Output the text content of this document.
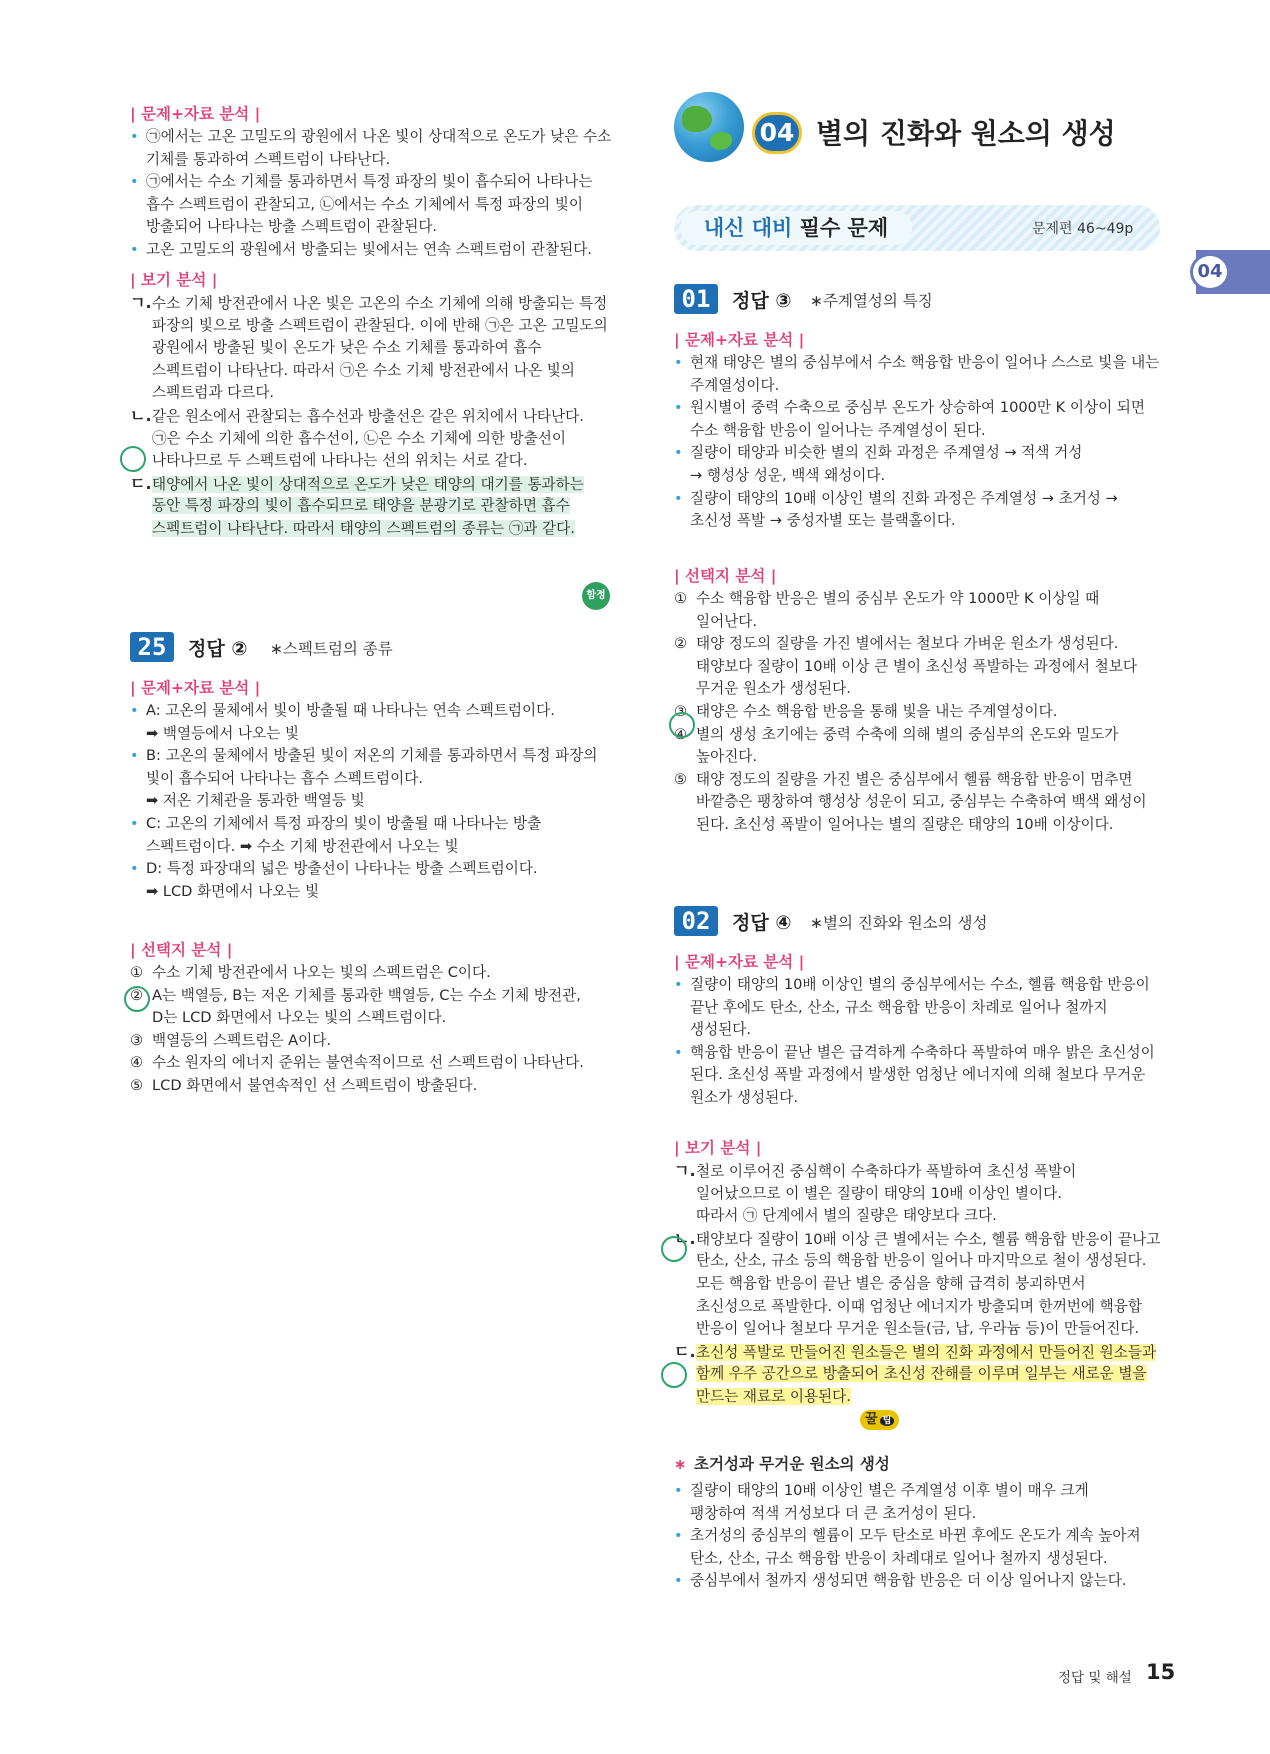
| 문제+자료 분석 |
• ㉠에서는 고온 고밀도의 광원에서 나온 빛이 상대적으로 온도가 낮은 수소
기체를 통과하여 스펙트럼이 나타난다.
• ㉠에서는 수소 기체를 통과하면서 특정 파장의 빛이 흡수되어 나타나는
흡수 스펙트럼이 관찰되고, ㉡에서는 수소 기체에서 특정 파장의 빛이
방출되어 나타나는 방출 스펙트럼이 관찰된다.
• 고온 고밀도의 광원에서 방출되는 빛에서는 연속 스펙트럼이 관찰된다.
| 보기 분석 |
ㄱ.수소 기체 방전관에서 나온 빛은 고온의 수소 기체에 의해 방출되는 특정
파장의 빛으로 방출 스펙트럼이 관찰된다. 이에 반해 ㉠은 고온 고밀도의
광원에서 방출된 빛이 온도가 낮은 수소 기체를 통과하여 흡수
스펙트럼이 나타난다. 따라서 ㉠은 수소 기체 방전관에서 나온 빛의
스펙트럼과 다르다.
ㄴ.같은 원소에서 관찰되는 흡수선과 방출선은 같은 위치에서 나타난다.
㉠은 수소 기체에 의한 흡수선이, ㉡은 수소 기체에 의한 방출선이
나타나므로 두 스펙트럼에 나타나는 선의 위치는 서로 같다.
ㄷ.태양에서 나온 빛이 상대적으로 온도가 낮은 태양의 대기를 통과하는
동안 특정 파장의 빛이 흡수되므로 태양을 분광기로 관찰하면 흡수
스펙트럼이 나타난다. 따라서 태양의 스펙트럼의 종류는 ㉠과 같다.
함정
25	정답 ② ∗스펙트럼의 종류
| 문제+자료 분석 |
• A: 고온의 물체에서 빛이 방출될 때 나타나는 연속 스펙트럼이다.
➡ 백열등에서 나오는 빛
• B: 고온의 물체에서 방출된 빛이 저온의 기체를 통과하면서 특정 파장의
빛이 흡수되어 나타나는 흡수 스펙트럼이다.
➡ 저온 기체관을 통과한 백열등 빛
• C: 고온의 기체에서 특정 파장의 빛이 방출될 때 나타나는 방출
스펙트럼이다. ➡ 수소 기체 방전관에서 나오는 빛
• D: 특정 파장대의 넓은 방출선이 나타나는 방출 스펙트럼이다.
➡ LCD 화면에서 나오는 빛
| 선택지 분석 |
① 수소 기체 방전관에서 나오는 빛의 스펙트럼은 C이다.
② A는 백열등, B는 저온 기체를 통과한 백열등, C는 수소 기체 방전관,
D는 LCD 화면에서 나오는 빛의 스펙트럼이다.
③ 백열등의 스펙트럼은 A이다.
④ 수소 원자의 에너지 준위는 불연속적이므로 선 스펙트럼이 나타난다.
⑤ LCD 화면에서 불연속적인 선 스펙트럼이 방출된다.
04 별의 진화와 원소의 생성
내신 대비 필수 문제	문제편 46~49p
04
01	정답 ③ ∗주계열성의 특징
| 문제+자료 분석 |
• 현재 태양은 별의 중심부에서 수소 핵융합 반응이 일어나 스스로 빛을 내는
주계열성이다.
• 원시별이 중력 수축으로 중심부 온도가 상승하여 1000만 K 이상이 되면
수소 핵융합 반응이 일어나는 주계열성이 된다.
• 질량이 태양과 비슷한 별의 진화 과정은 주계열성 → 적색 거성
→ 행성상 성운, 백색 왜성이다.
• 질량이 태양의 10배 이상인 별의 진화 과정은 주계열성 → 초거성 →
초신성 폭발 → 중성자별 또는 블랙홀이다.
| 선택지 분석 |
① 수소 핵융합 반응은 별의 중심부 온도가 약 1000만 K 이상일 때
일어난다.
② 태양 정도의 질량을 가진 별에서는 철보다 가벼운 원소가 생성된다.
태양보다 질량이 10배 이상 큰 별이 초신성 폭발하는 과정에서 철보다
무거운 원소가 생성된다.
③ 태양은 수소 핵융합 반응을 통해 빛을 내는 주계열성이다.
④ 별의 생성 초기에는 중력 수축에 의해 별의 중심부의 온도와 밀도가
높아진다.
⑤ 태양 정도의 질량을 가진 별은 중심부에서 헬륨 핵융합 반응이 멈추면
바깥층은 팽창하여 행성상 성운이 되고, 중심부는 수축하여 백색 왜성이
된다. 초신성 폭발이 일어나는 별의 질량은 태양의 10배 이상이다.
02	정답 ④ ∗별의 진화와 원소의 생성
| 문제+자료 분석 |
• 질량이 태양의 10배 이상인 별의 중심부에서는 수소, 헬륨 핵융합 반응이
끝난 후에도 탄소, 산소, 규소 핵융합 반응이 차례로 일어나 철까지
생성된다.
• 핵융합 반응이 끝난 별은 급격하게 수축하다 폭발하여 매우 밝은 초신성이
된다. 초신성 폭발 과정에서 발생한 엄청난 에너지에 의해 철보다 무거운
원소가 생성된다.
| 보기 분석 |
ㄱ.철로 이루어진 중심핵이 수축하다가 폭발하여 초신성 폭발이
일어났으므로 이 별은 질량이 태양의 10배 이상인 별이다.
따라서 ㉠ 단계에서 별의 질량은 태양보다 크다.
ㄴ.태양보다 질량이 10배 이상 큰 별에서는 수소, 헬륨 핵융합 반응이 끝나고
탄소, 산소, 규소 등의 핵융합 반응이 일어나 마지막으로 철이 생성된다.
모든 핵융합 반응이 끝난 별은 중심을 향해 급격히 붕괴하면서
초신성으로 폭발한다. 이때 엄청난 에너지가 방출되며 한꺼번에 핵융합
반응이 일어나 철보다 무거운 원소들(금, 납, 우라늄 등)이 만들어진다.
ㄷ.초신성 폭발로 만들어진 원소들은 별의 진화 과정에서 만들어진 원소들과
함께 우주 공간으로 방출되어 초신성 잔해를 이루며 일부는 새로운 별을
만드는 재료로 이용된다.
∗ 초거성과 무거운 원소의 생성
• 질량이 태양의 10배 이상인 별은 주계열성 이후 별이 매우 크게
팽창하여 적색 거성보다 더 큰 초거성이 된다.
• 초거성의 중심부의 헬륨이 모두 탄소로 바뀐 후에도 온도가 계속 높아져
탄소, 산소, 규소 핵융합 반응이 차례대로 일어나 철까지 생성된다.
• 중심부에서 철까지 생성되면 핵융합 반응은 더 이상 일어나지 않는다.
꿀 팁
정답 및 해설 15
